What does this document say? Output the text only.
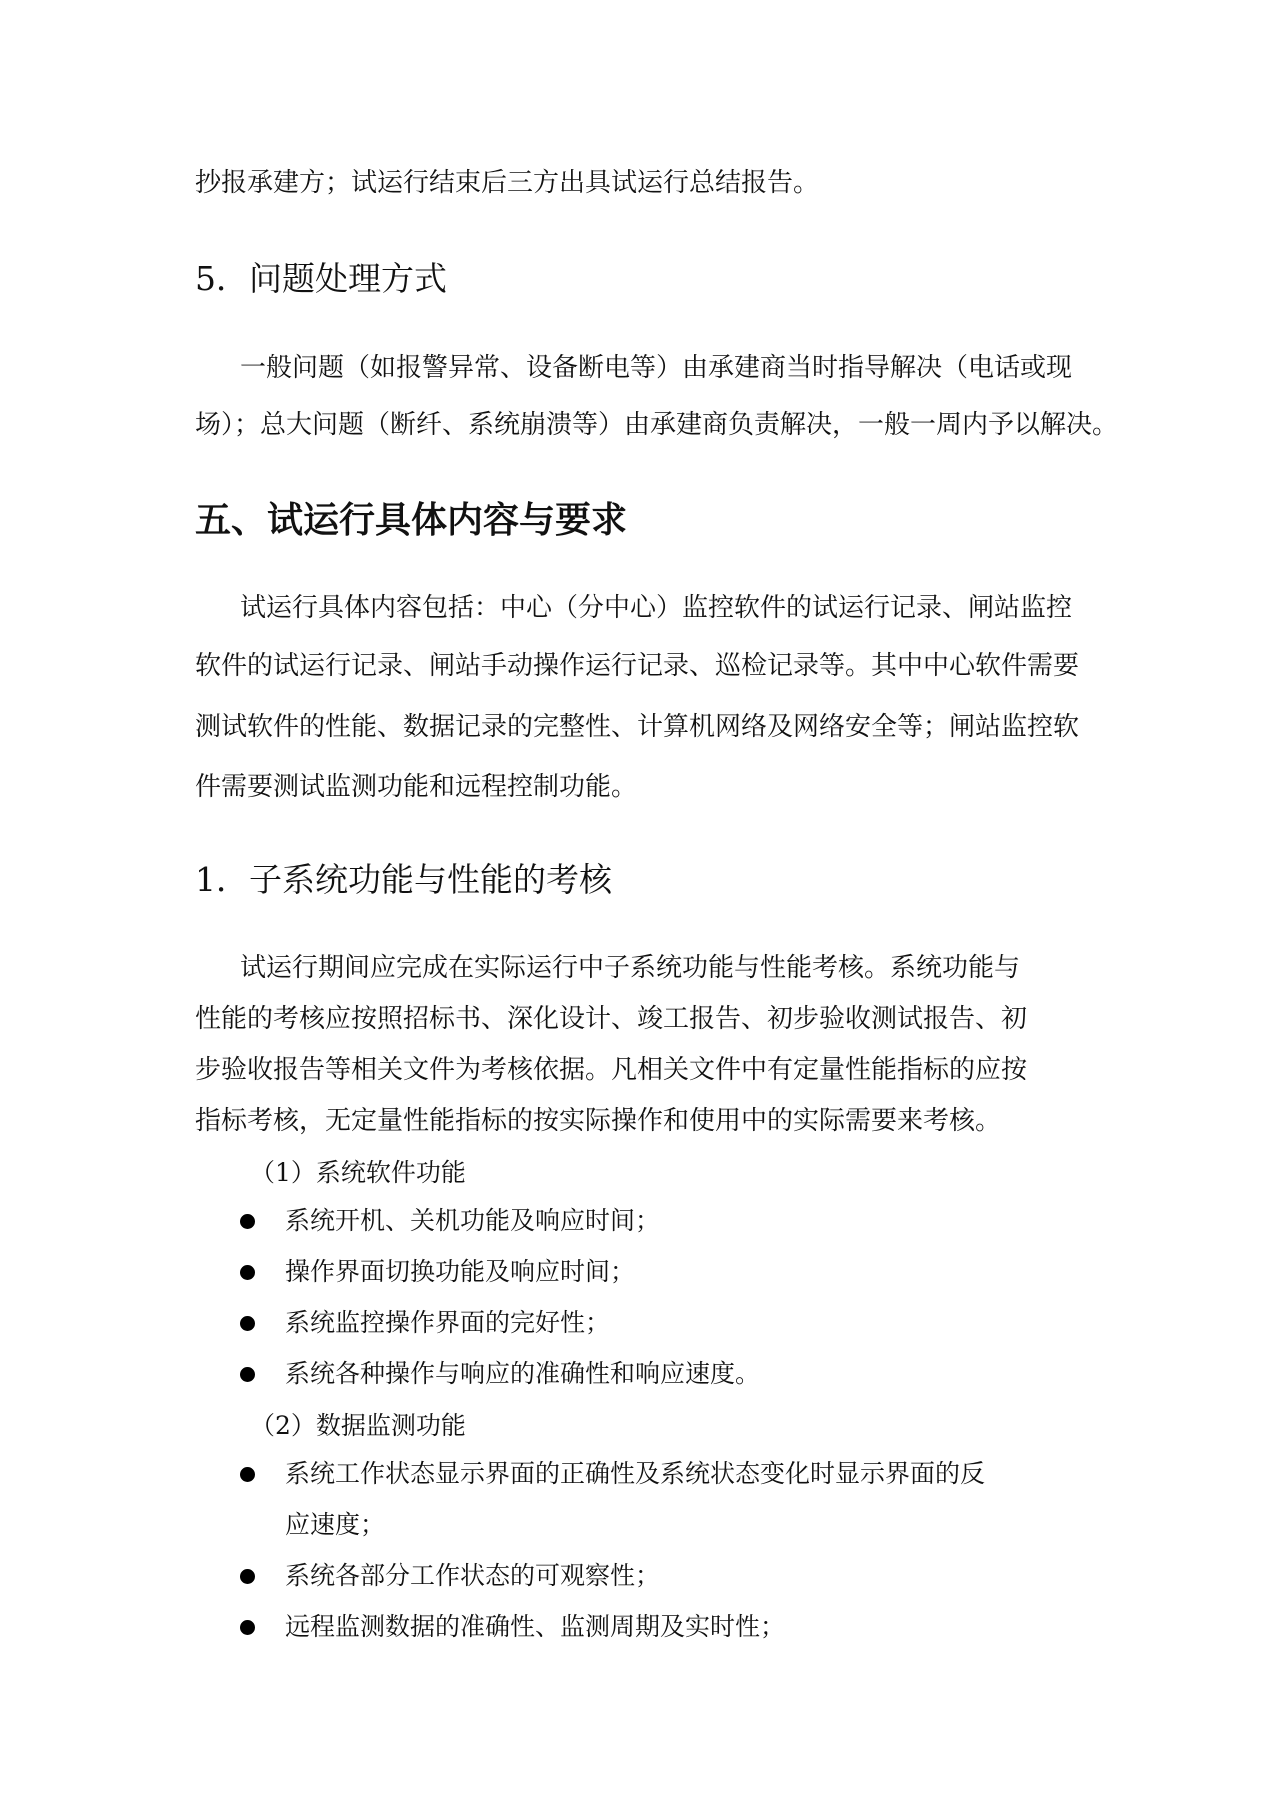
抄报承建方；试运行结束后三方出具试运行总结报告。
5．问题处理方式
一般问题（如报警异常、设备断电等）由承建商当时指导解决（电话或现
场）；总大问题（断纤、系统崩溃等）由承建商负责解决，一般一周内予以解决。
五、试运行具体内容与要求
试运行具体内容包括：中心（分中心）监控软件的试运行记录、闸站监控
软件的试运行记录、闸站手动操作运行记录、巡检记录等。其中中心软件需要
测试软件的性能、数据记录的完整性、计算机网络及网络安全等；闸站监控软
件需要测试监测功能和远程控制功能。
1．子系统功能与性能的考核
试运行期间应完成在实际运行中子系统功能与性能考核。系统功能与
性能的考核应按照招标书、深化设计、竣工报告、初步验收测试报告、初
步验收报告等相关文件为考核依据。凡相关文件中有定量性能指标的应按
指标考核，无定量性能指标的按实际操作和使用中的实际需要来考核。
（1）系统软件功能
系统开机、关机功能及响应时间；
操作界面切换功能及响应时间；
系统监控操作界面的完好性；
系统各种操作与响应的准确性和响应速度。
（2）数据监测功能
系统工作状态显示界面的正确性及系统状态变化时显示界面的反
应速度；
系统各部分工作状态的可观察性；
远程监测数据的准确性、监测周期及实时性；
